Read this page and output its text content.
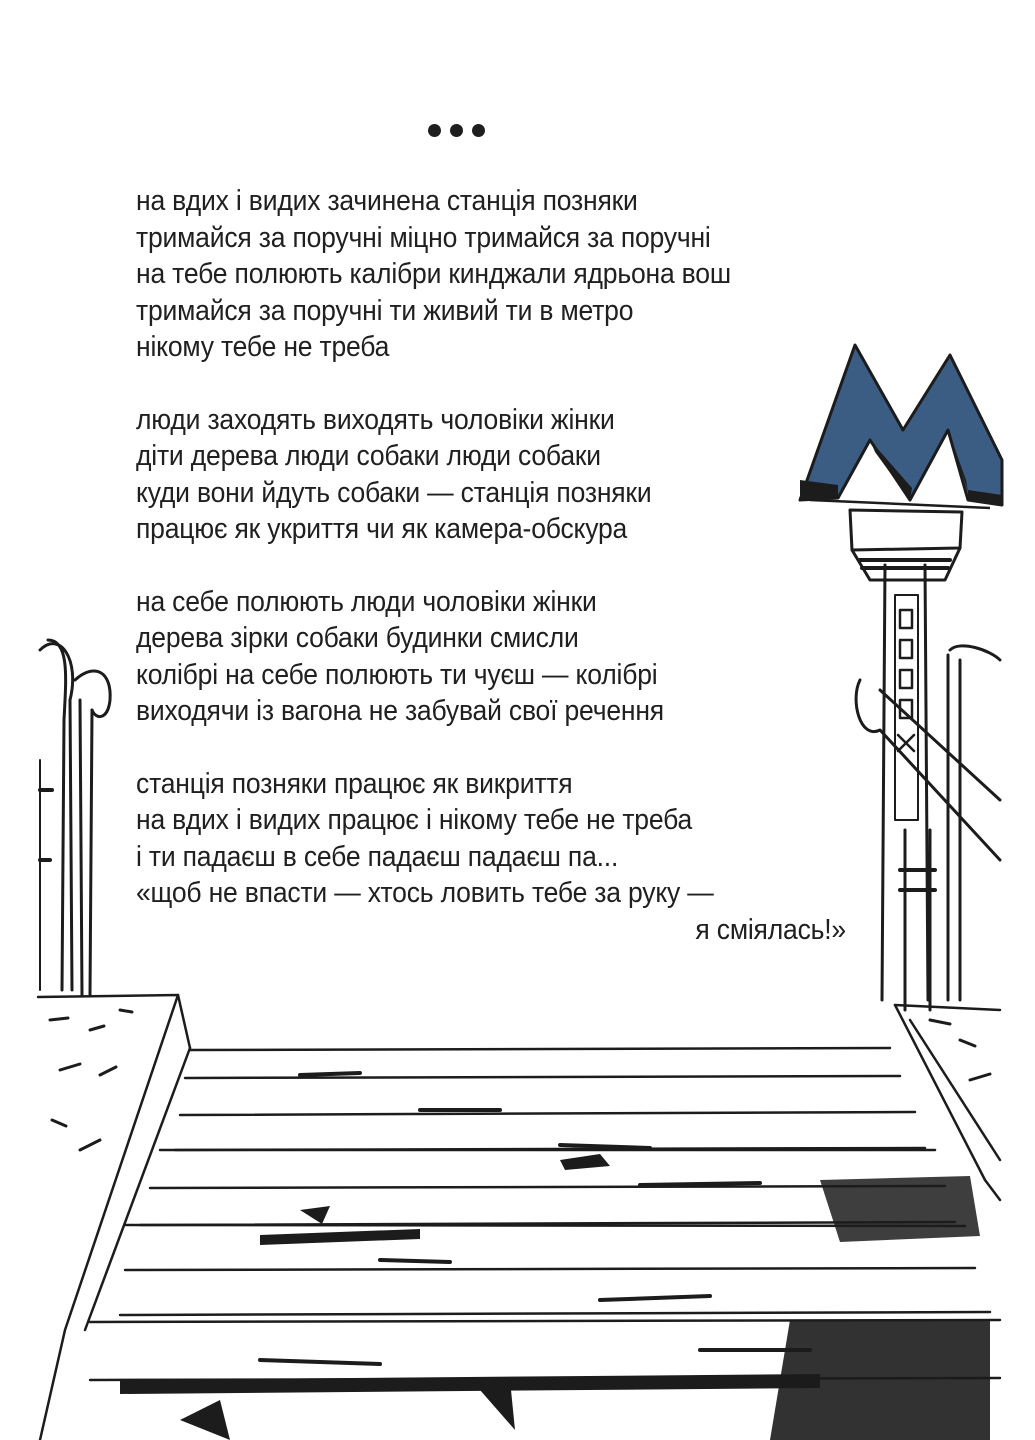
на вдих і видих зачинена станція позняки
тримайся за поручні міцно тримайся за поручні
на тебе полюють калібри кинджали ядрьона вош
тримайся за поручні ти живий ти в метро
нікому тебе не треба
люди заходять виходять чоловіки жінки
діти дерева люди собаки люди собаки
куди вони йдуть собаки — станція позняки
працює як укриття чи як камера-обскура
на себе полюють люди чоловіки жінки
дерева зірки собаки будинки смисли
колібрі на себе полюють ти чуєш — колібрі
виходячи із вагона не забувай свої речення
станція позняки працює як викриття
на вдих і видих працює і нікому тебе не треба
і ти падаєш в себе падаєш падаєш па...
«щоб не впасти — хтось ловить тебе за руку —
я сміялась!»
